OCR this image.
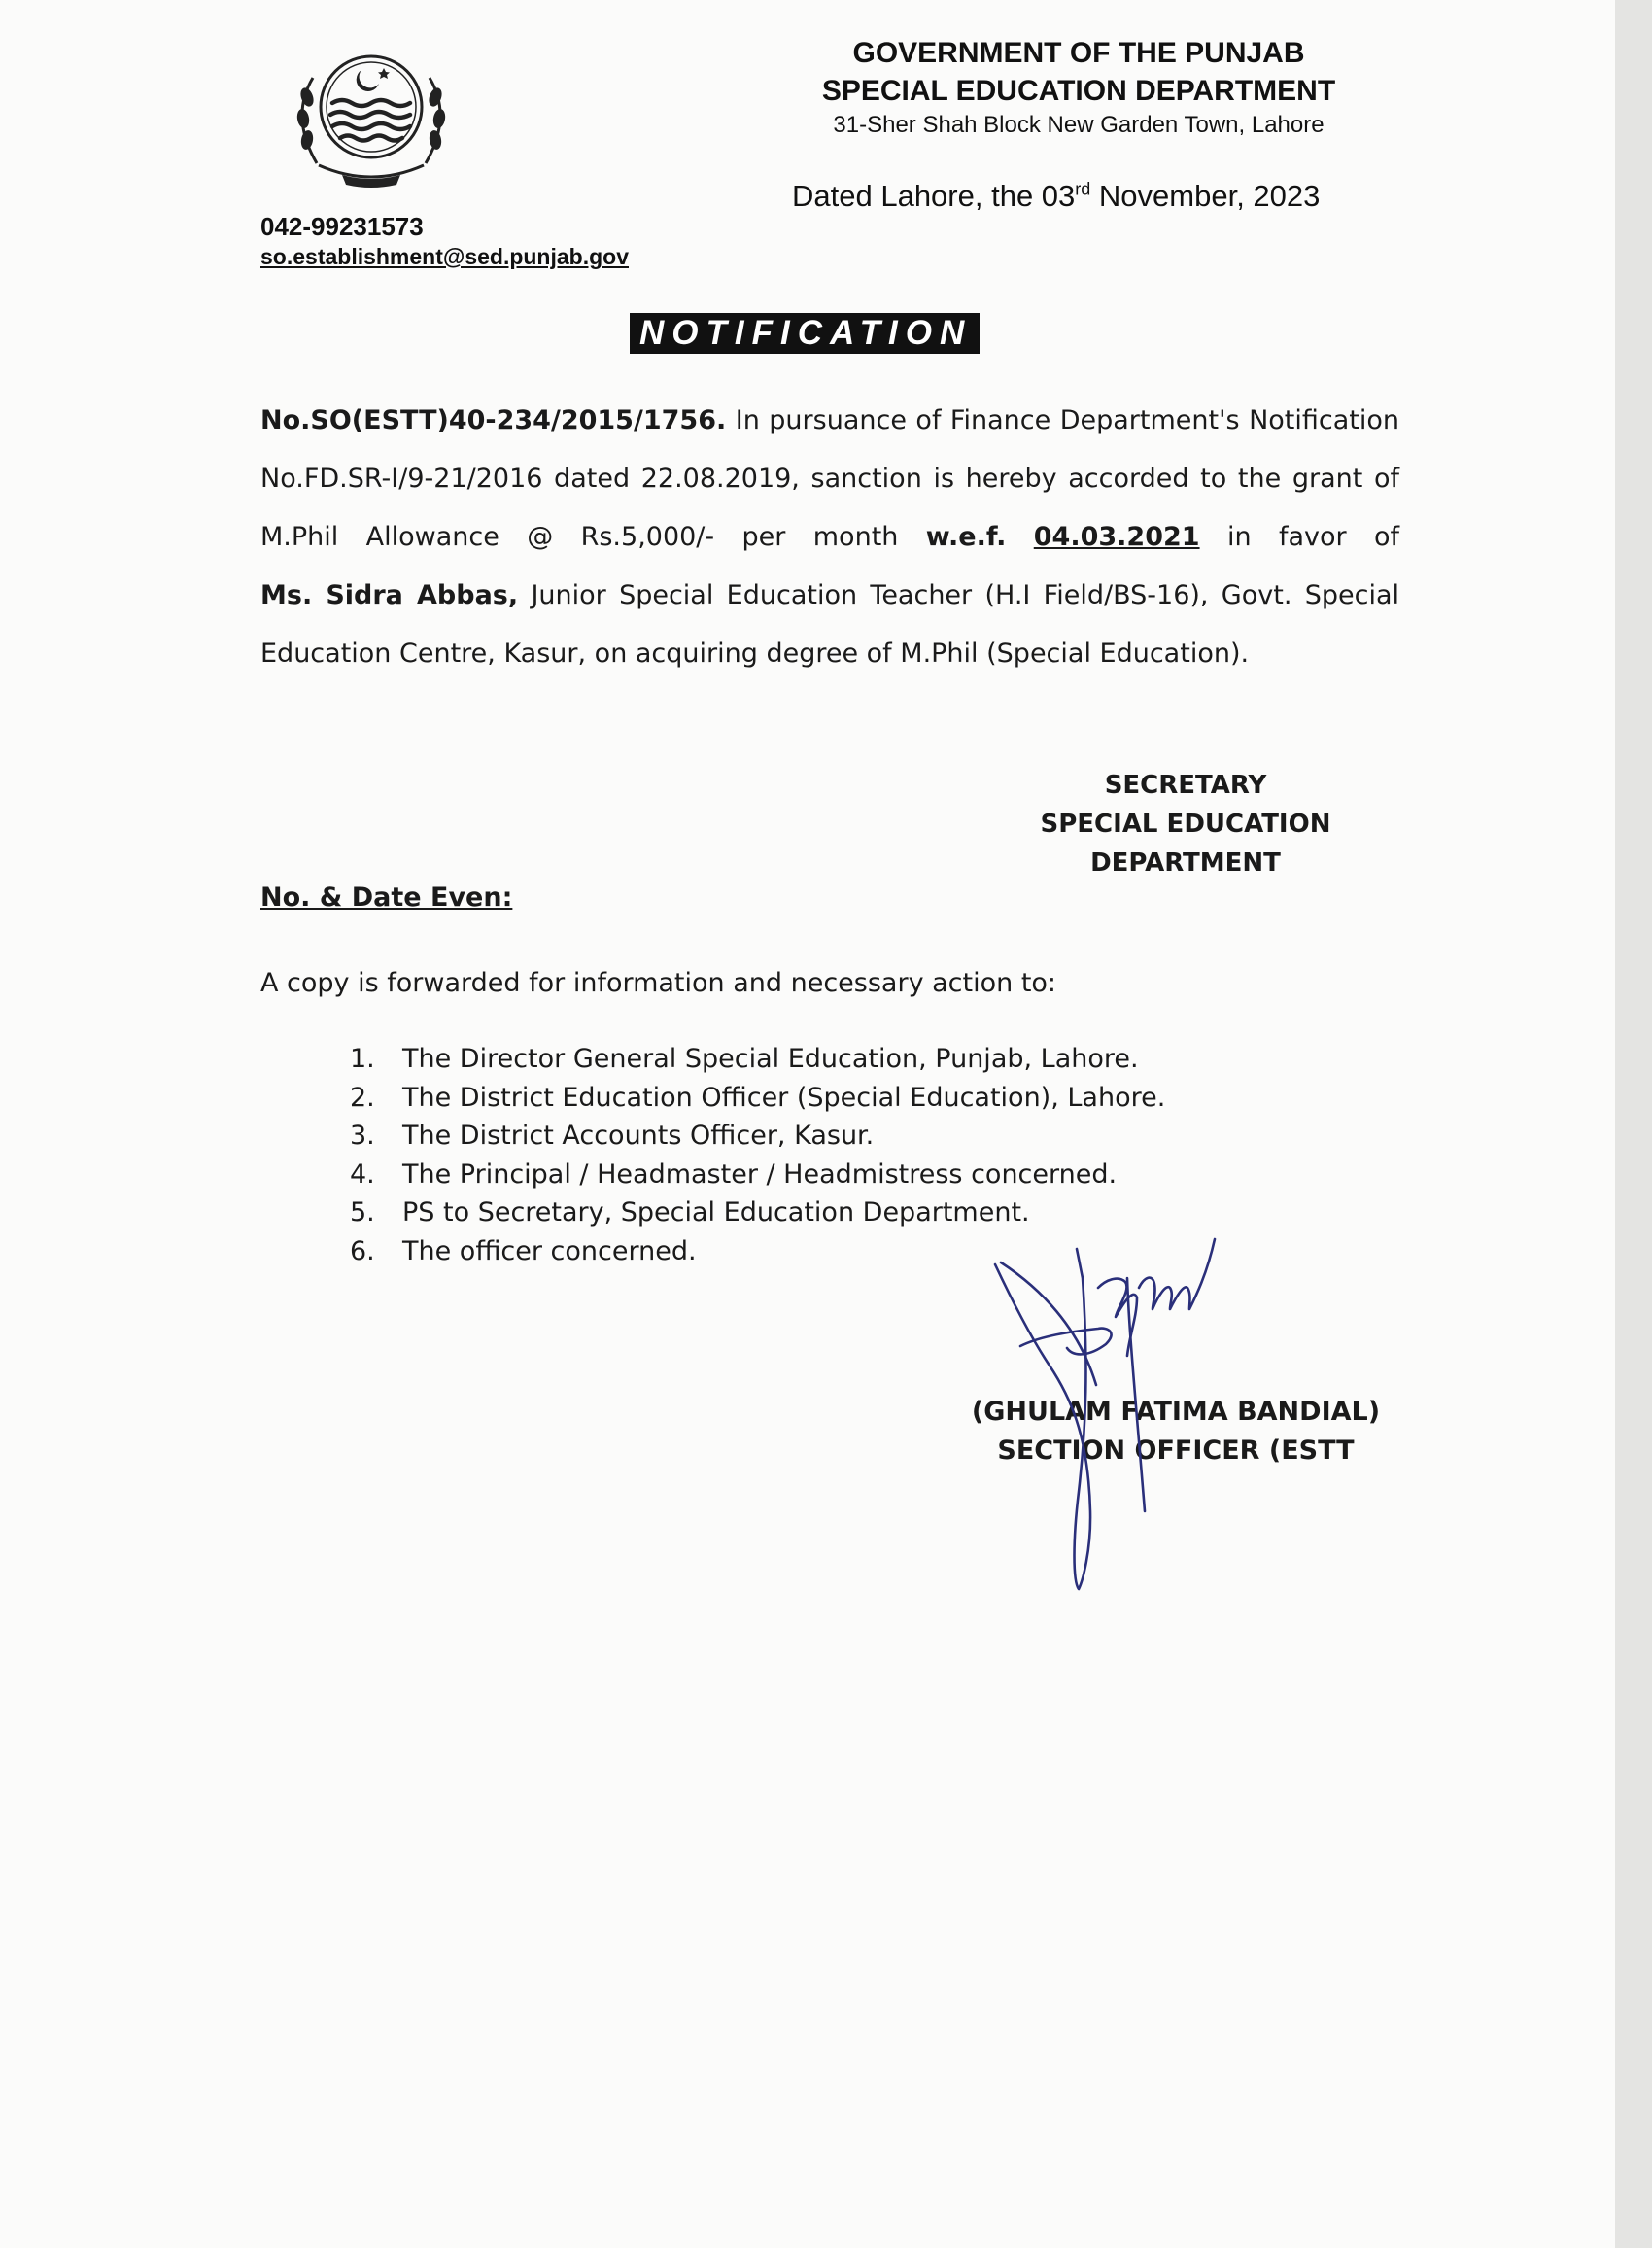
042-99231573
so.establishment@sed.punjab.gov
GOVERNMENT OF THE PUNJAB
SPECIAL EDUCATION DEPARTMENT
31-Sher Shah Block New Garden Town, Lahore
Dated Lahore, the 03rd November, 2023
NOTIFICATION
No.SO(ESTT)40-234/2015/1756. In pursuance of Finance Department's Notification
No.FD.SR-I/9-21/2016 dated 22.08.2019, sanction is hereby accorded to the grant of
M.Phil Allowance @ Rs.5,000/- per month w.e.f. 04.03.2021 in favor of
Ms. Sidra Abbas, Junior Special Education Teacher (H.I Field/BS-16), Govt. Special
Education Centre, Kasur, on acquiring degree of M.Phil (Special Education).
SECRETARY
SPECIAL EDUCATION
DEPARTMENT
No. & Date Even:
A copy is forwarded for information and necessary action to:
1. The Director General Special Education, Punjab, Lahore.
2. The District Education Officer (Special Education), Lahore.
3. The District Accounts Officer, Kasur.
4. The Principal / Headmaster / Headmistress concerned.
5. PS to Secretary, Special Education Department.
6. The officer concerned.
(GHULAM FATIMA BANDIAL)
SECTION OFFICER (ESTT
